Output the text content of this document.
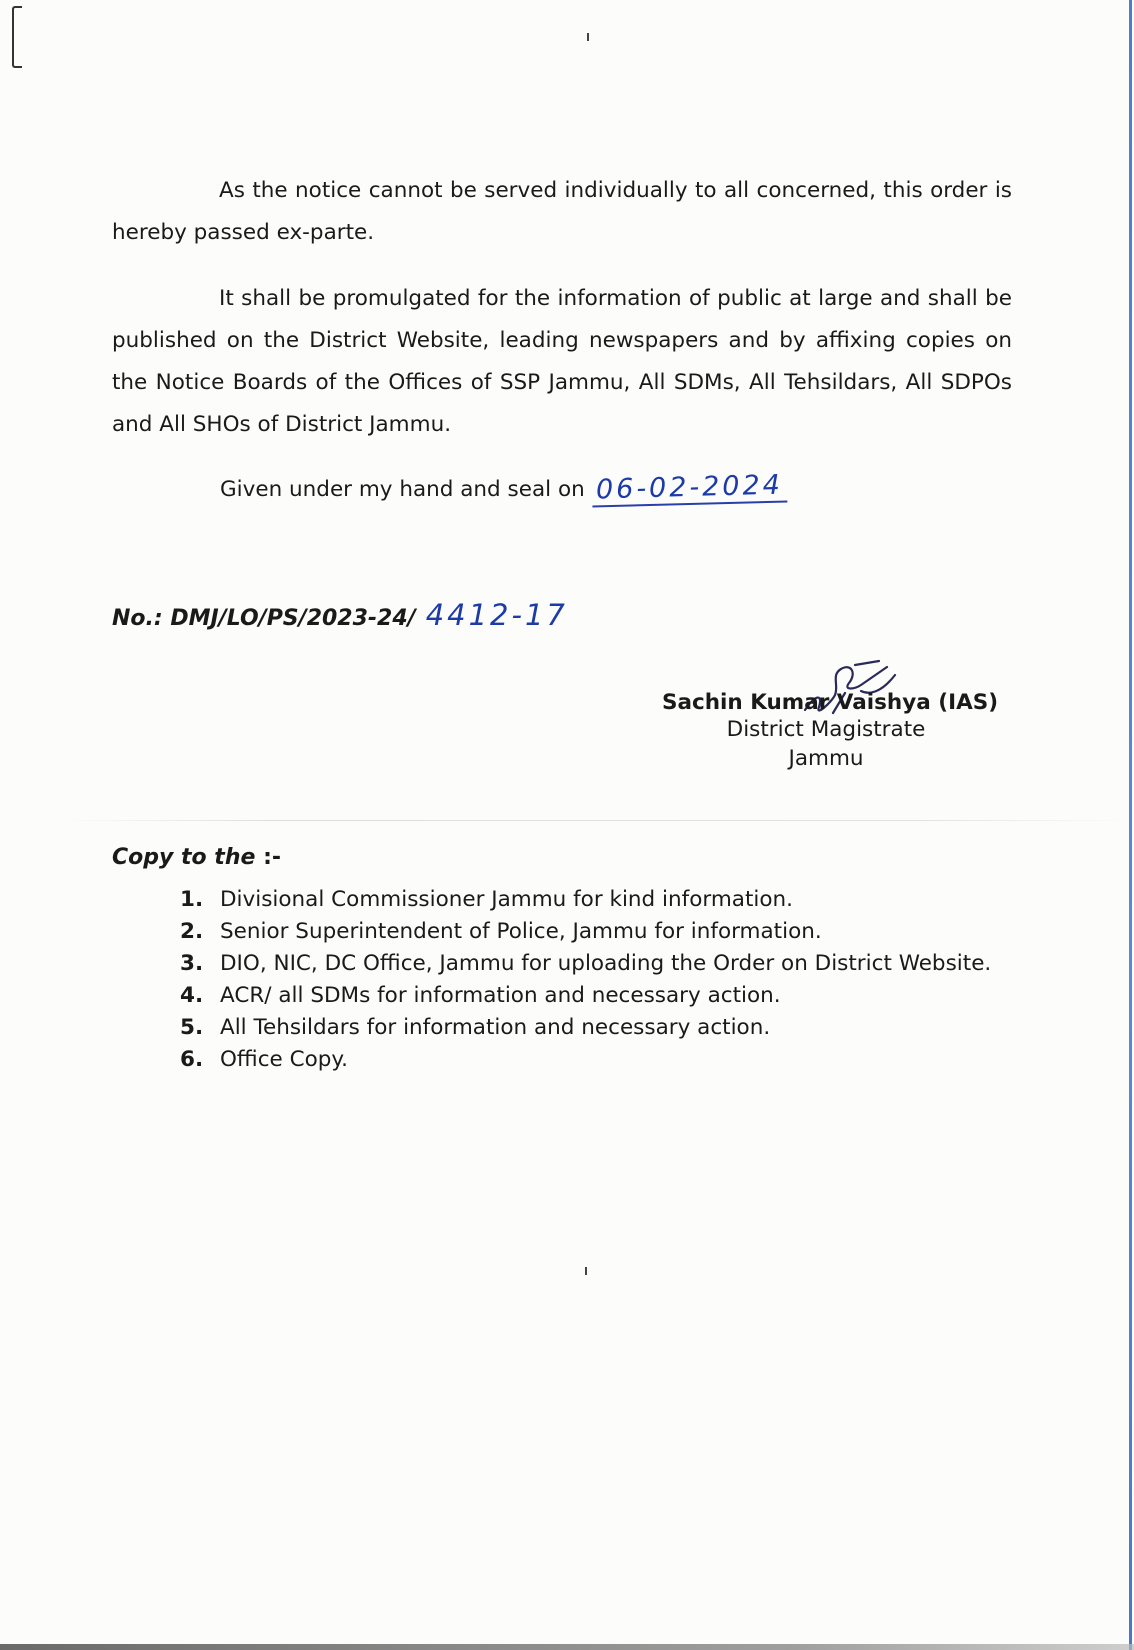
As the notice cannot be served individually to all concerned, this order is hereby passed ex-parte.

It shall be promulgated for the information of public at large and shall be published on the District Website, leading newspapers and by affixing copies on the Notice Boards of the Offices of SSP Jammu, All SDMs, All Tehsildars, All SDPOs and All SHOs of District Jammu.

Given under my hand and seal on 06-02-2024
No.: DMJ/LO/PS/2023-24/ 4412-17
Sachin Kumar Vaishya (IAS)
District Magistrate
Jammu
Copy to the :-
1. Divisional Commissioner Jammu for kind information.
2. Senior Superintendent of Police, Jammu for information.
3. DIO, NIC, DC Office, Jammu for uploading the Order on District Website.
4. ACR/ all SDMs for information and necessary action.
5. All Tehsildars for information and necessary action.
6. Office Copy.
